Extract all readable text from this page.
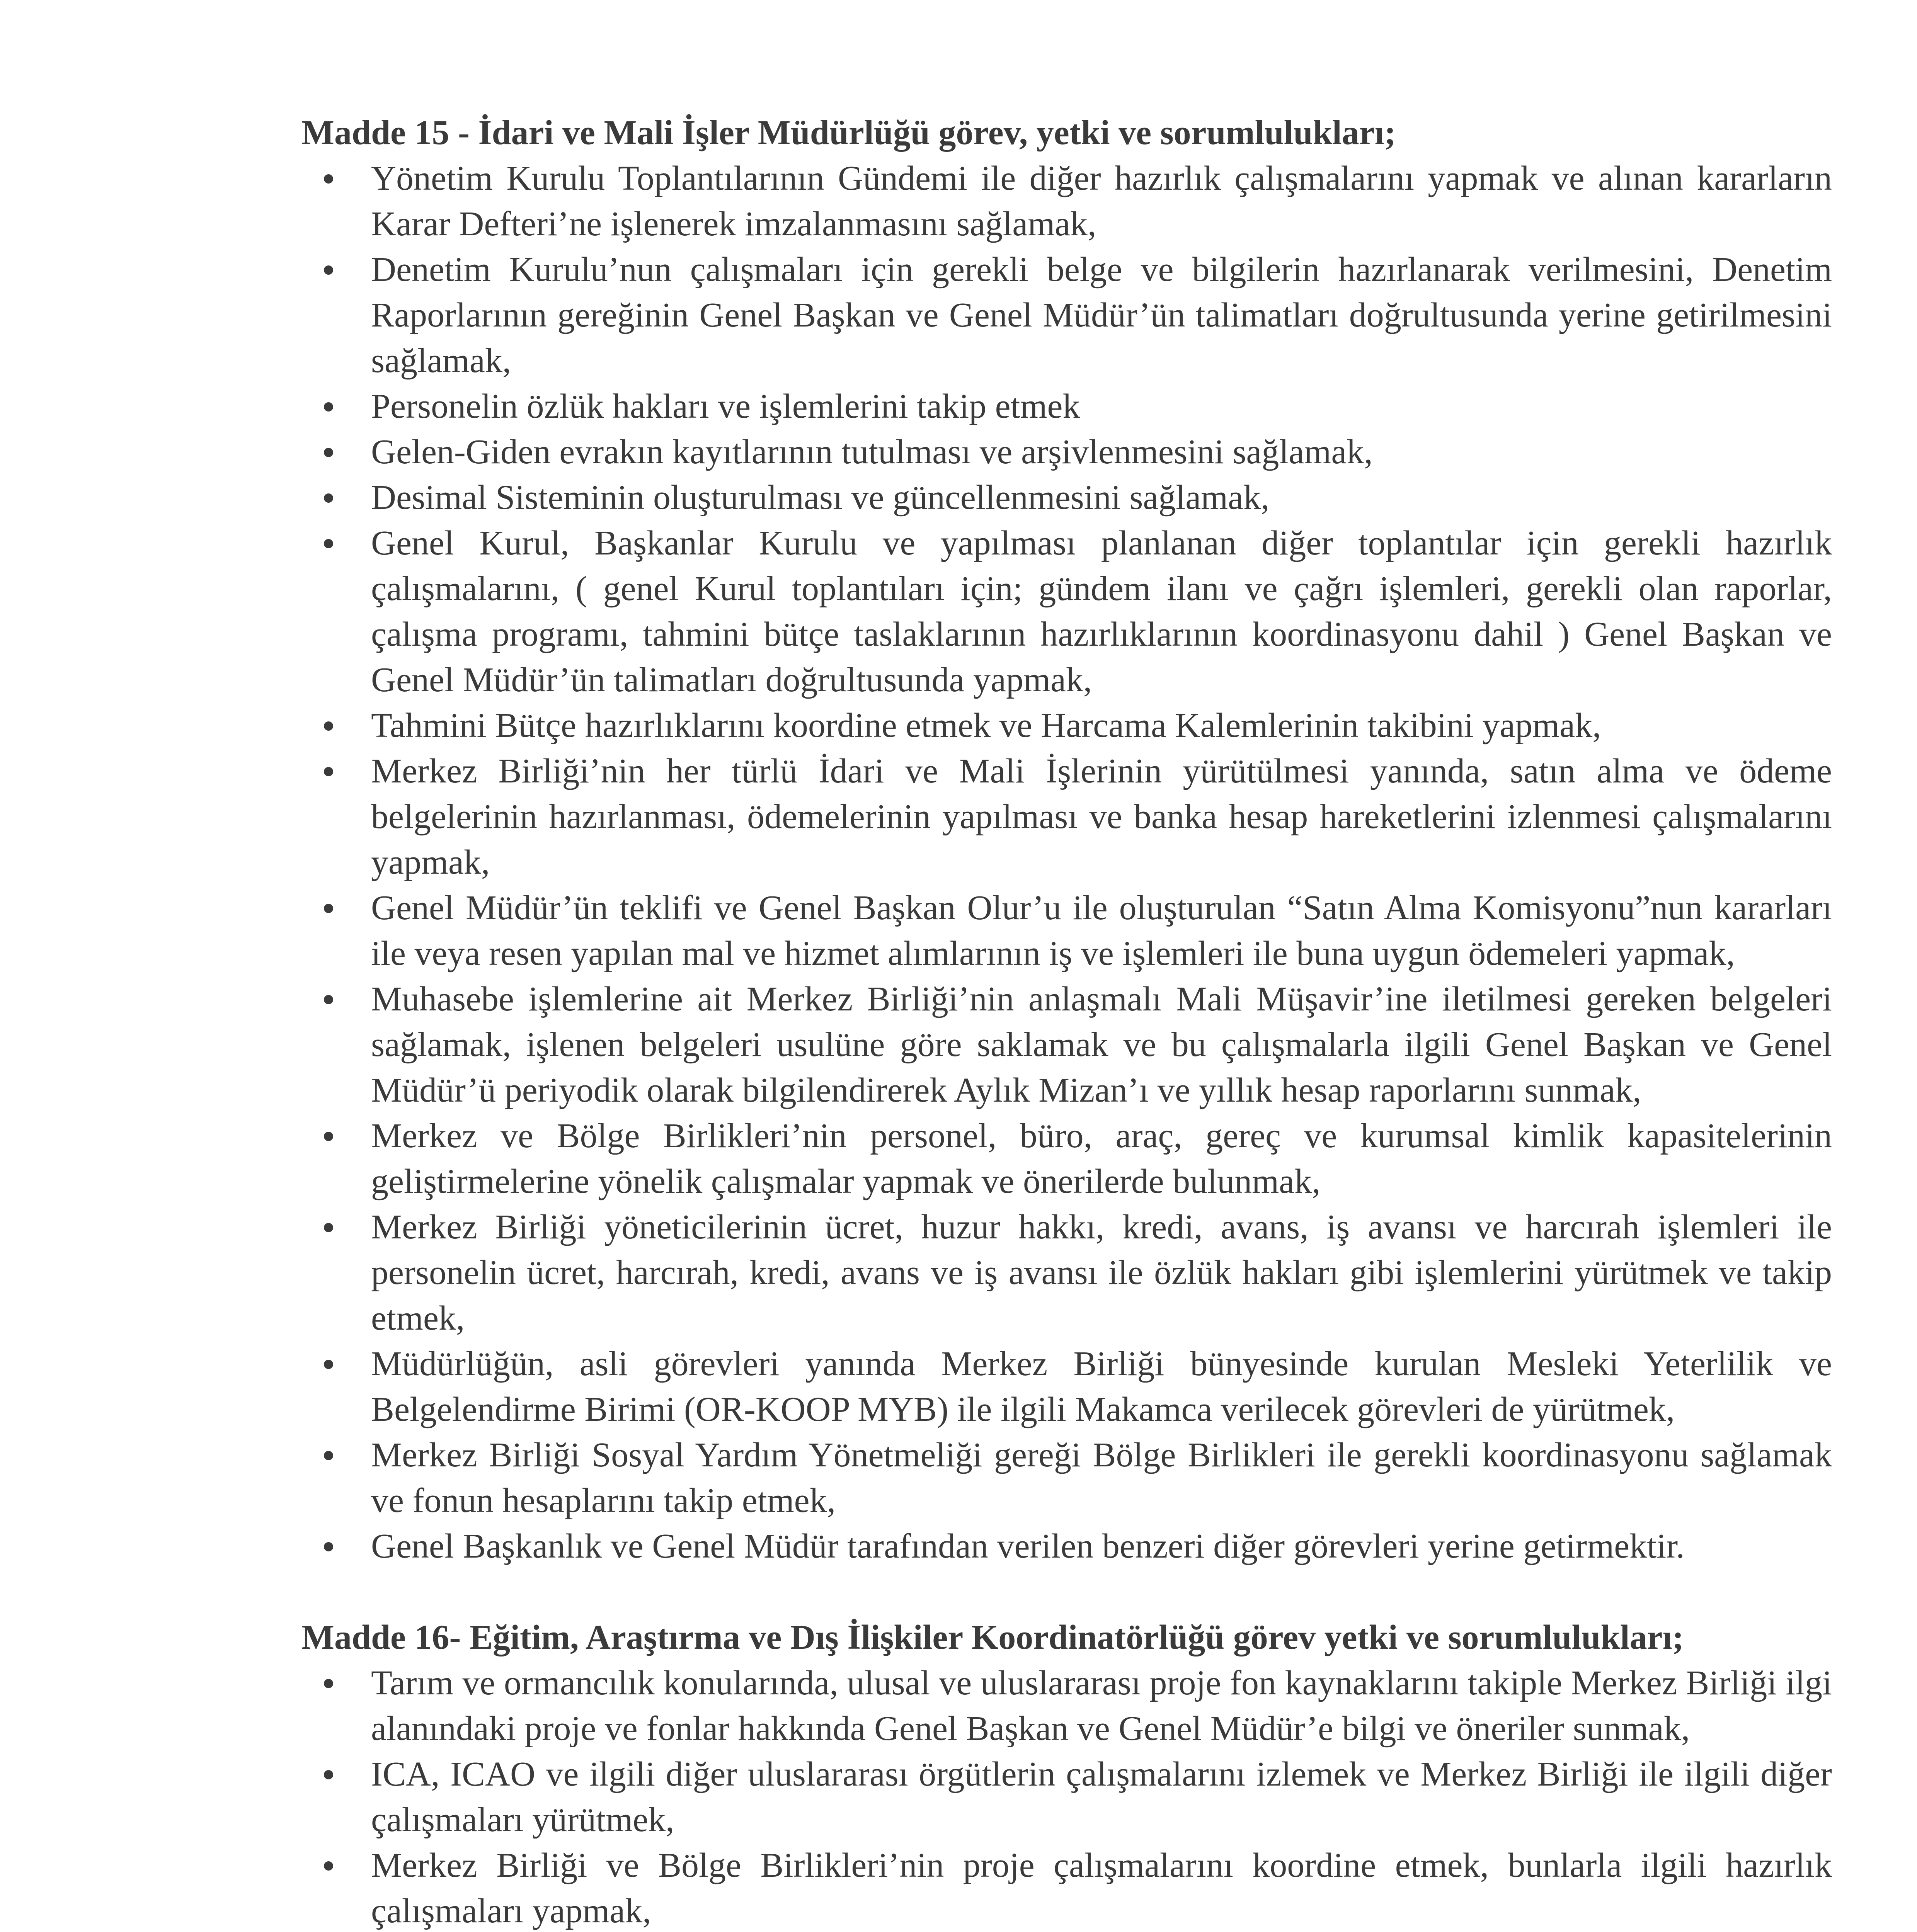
Madde 15 - İdari ve Mali İşler Müdürlüğü görev, yetki ve sorumlulukları;

Yönetim Kurulu Toplantılarının Gündemi ile diğer hazırlık çalışmalarını yapmak ve alınan kararların Karar Defteri’ne işlenerek imzalanmasını sağlamak,
Denetim Kurulu’nun çalışmaları için gerekli belge ve bilgilerin hazırlanarak verilmesini, Denetim Raporlarının gereğinin Genel Başkan ve Genel Müdür’ün talimatları doğrultusunda yerine getirilmesini sağlamak,
Personelin özlük hakları ve işlemlerini takip etmek
Gelen-Giden evrakın kayıtlarının tutulması ve arşivlenmesini sağlamak,
Desimal Sisteminin oluşturulması ve güncellenmesini sağlamak,
Genel Kurul, Başkanlar Kurulu ve yapılması planlanan diğer toplantılar için gerekli hazırlık çalışmalarını, ( genel Kurul toplantıları için; gündem ilanı ve çağrı işlemleri, gerekli olan raporlar, çalışma programı, tahmini bütçe taslaklarının hazırlıklarının koordinasyonu dahil ) Genel Başkan ve Genel Müdür’ün talimatları doğrultusunda yapmak,
Tahmini Bütçe hazırlıklarını koordine etmek ve Harcama Kalemlerinin takibini yapmak,
Merkez Birliği’nin her türlü İdari ve Mali İşlerinin yürütülmesi yanında, satın alma ve ödeme belgelerinin hazırlanması, ödemelerinin yapılması ve banka hesap hareketlerini izlenmesi çalışmalarını yapmak,
Genel Müdür’ün teklifi ve Genel Başkan Olur’u ile oluşturulan “Satın Alma Komisyonu”nun kararları ile veya resen yapılan mal ve hizmet alımlarının iş ve işlemleri ile buna uygun ödemeleri yapmak,
Muhasebe işlemlerine ait Merkez Birliği’nin anlaşmalı Mali Müşavir’ine iletilmesi gereken belgeleri sağlamak, işlenen belgeleri usulüne göre saklamak ve bu çalışmalarla ilgili Genel Başkan ve Genel Müdür’ü periyodik olarak bilgilendirerek Aylık Mizan’ı ve yıllık hesap raporlarını sunmak,
Merkez ve Bölge Birlikleri’nin personel, büro, araç, gereç ve kurumsal kimlik kapasitelerinin geliştirmelerine yönelik çalışmalar yapmak ve önerilerde bulunmak,
Merkez Birliği yöneticilerinin ücret, huzur hakkı, kredi, avans, iş avansı ve harcırah işlemleri ile personelin ücret, harcırah, kredi, avans ve iş avansı ile özlük hakları gibi işlemlerini yürütmek ve takip etmek,
Müdürlüğün, asli görevleri yanında Merkez Birliği bünyesinde kurulan Mesleki Yeterlilik ve Belgelendirme Birimi (OR-KOOP MYB) ile ilgili Makamca verilecek görevleri de yürütmek,
Merkez Birliği Sosyal Yardım Yönetmeliği gereği Bölge Birlikleri ile gerekli koordinasyonu sağlamak ve fonun hesaplarını takip etmek,
Genel Başkanlık ve Genel Müdür tarafından verilen benzeri diğer görevleri yerine getirmektir.

Madde 16- Eğitim, Araştırma ve Dış İlişkiler Koordinatörlüğü görev yetki ve sorumlulukları;

Tarım ve ormancılık konularında, ulusal ve uluslararası proje fon kaynaklarını takiple Merkez Birliği ilgi alanındaki proje ve fonlar hakkında Genel Başkan ve Genel Müdür’e bilgi ve öneriler sunmak,
ICA, ICAO ve ilgili diğer uluslararası örgütlerin çalışmalarını izlemek ve Merkez Birliği ile ilgili diğer çalışmaları yürütmek,
Merkez Birliği ve Bölge Birlikleri’nin proje çalışmalarını koordine etmek, bunlarla ilgili hazırlık çalışmaları yapmak,
